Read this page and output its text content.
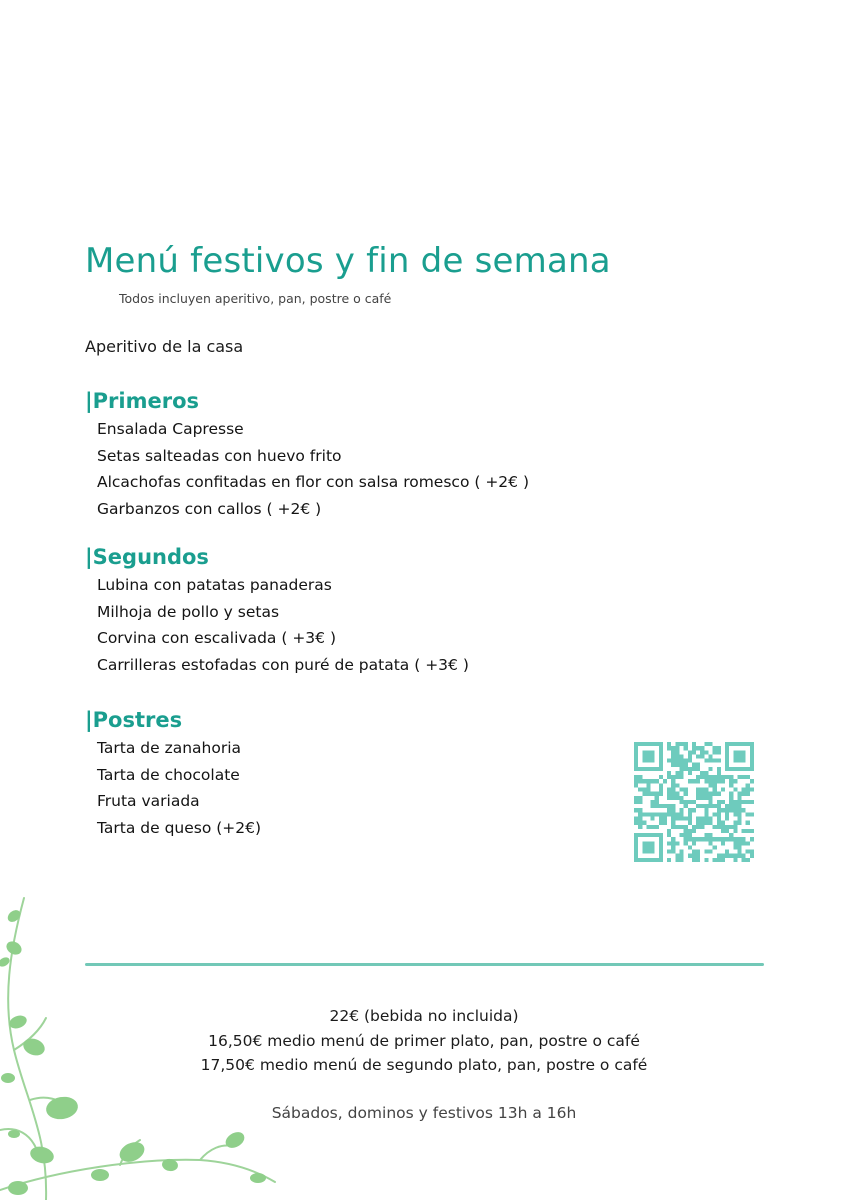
Menú festivos y fin de semana
Todos incluyen aperitivo, pan, postre o café
Aperitivo de la casa
|Primeros
Ensalada Capresse
Setas salteadas con huevo frito
Alcachofas confitadas en flor con salsa romesco ( +2€ )
Garbanzos con callos ( +2€ )
|Segundos
Lubina con patatas panaderas
Milhoja de pollo y setas
Corvina con escalivada ( +3€ )
Carrilleras estofadas con puré de patata ( +3€ )
|Postres
Tarta de zanahoria
Tarta de chocolate
Fruta variada
Tarta de queso (+2€)
22€ (bebida no incluida)
16,50€ medio menú de primer plato, pan, postre o café
17,50€ medio menú de segundo plato, pan, postre o café
Sábados, dominos y festivos 13h a 16h
